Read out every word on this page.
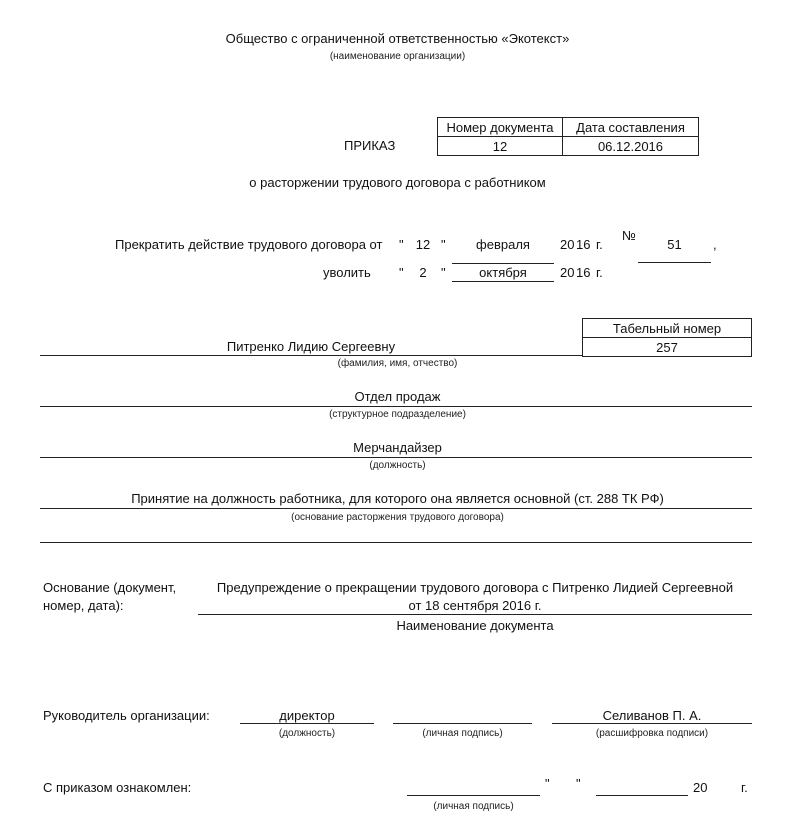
Общество с ограниченной ответственностью «Экотекст»
(наименование организации)
ПРИКАЗ
Номер документа	Дата составления
12	06.12.2016
о расторжении трудового договора с работником
Прекратить действие трудового договора от " 12 "	февраля	20 16 г.
№
51	,
уволить "	2	"	октября	20 16 г.
Табельный номер
257
Питренко Лидию Сергеевну
(фамилия, имя, отчество)
Отдел продаж
(структурное подразделение)
Мерчандайзер
(должность)
Принятие на должность работника, для которого она является основной (ст. 288 ТК РФ)
(основание расторжения трудового договора)
Основание (документ,
номер, дата):
Предупреждение о прекращении трудового договора с Питренко Лидией Сергеевной
от 18 сентября 2016 г.
Наименование документа
Руководитель организации:	директор
(должность)	(личная подпись)
Селиванов П. А.
(расшифровка подписи)
С приказом ознакомлен:
(личная подпись)
" "	20	г.
